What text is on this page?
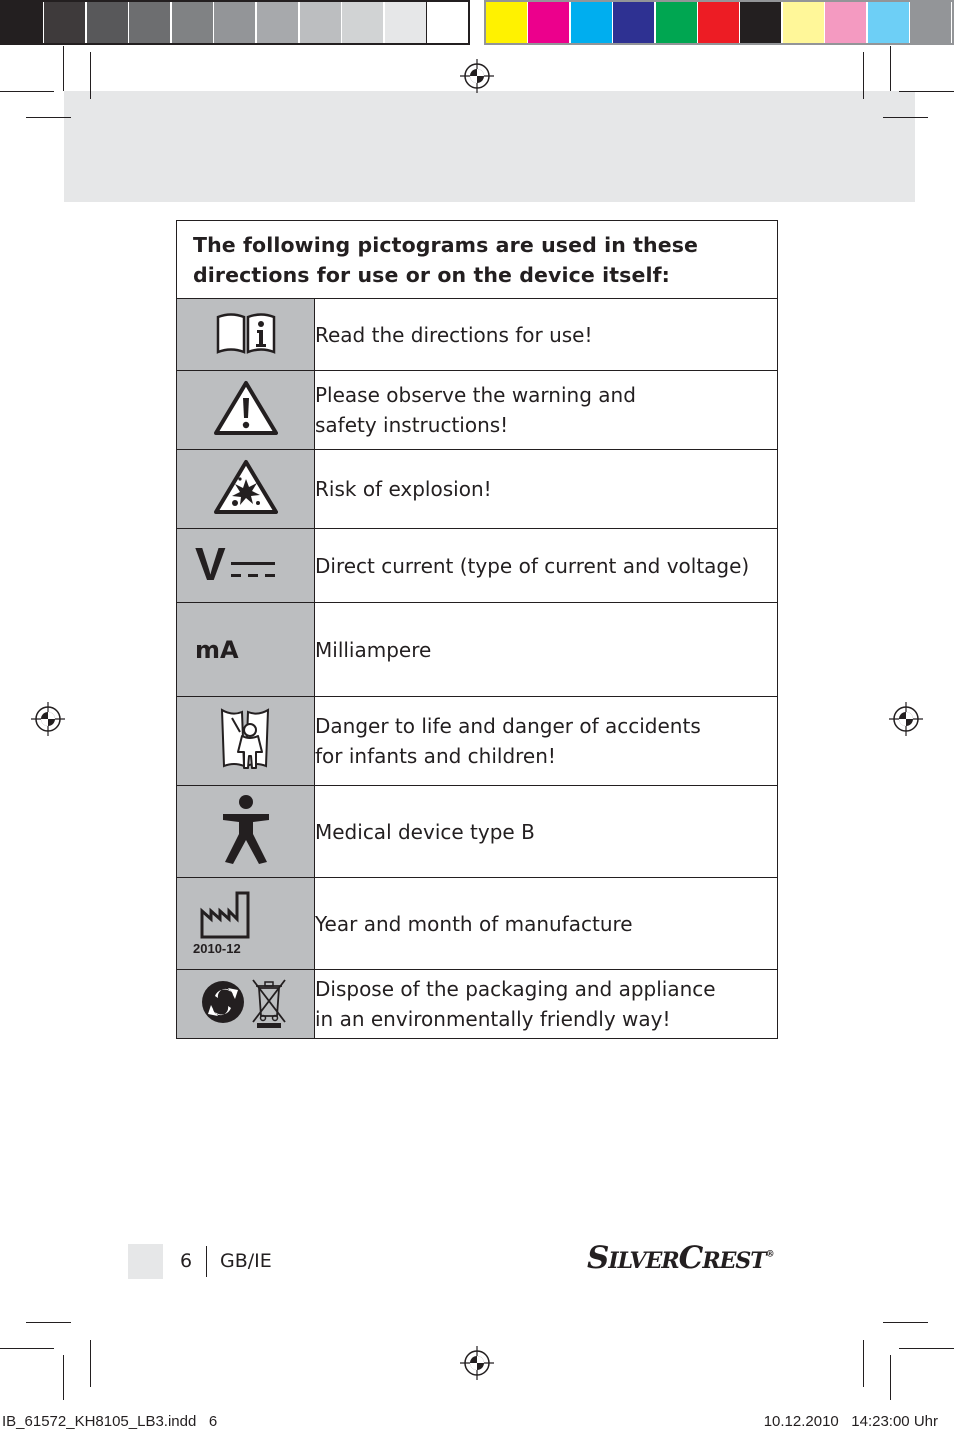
The following pictograms are used in these directions for use or on the device itself:	

Read the directions for use!

Please observe the warning and
safety instructions!

Risk of explosion!

V	Direct current (type of current and voltage)

mA	Milliampere

Danger to life and danger of accidents
for infants and children!

Medical device type B

2010-12	Year and month of manufacture

Dispose of the packaging and appliance
in an environmentally friendly way!
6 GB/IE	SILVERCREST®
IB_61572_KH8105_LB3.indd   6	10.12.2010   14:23:00 Uhr
